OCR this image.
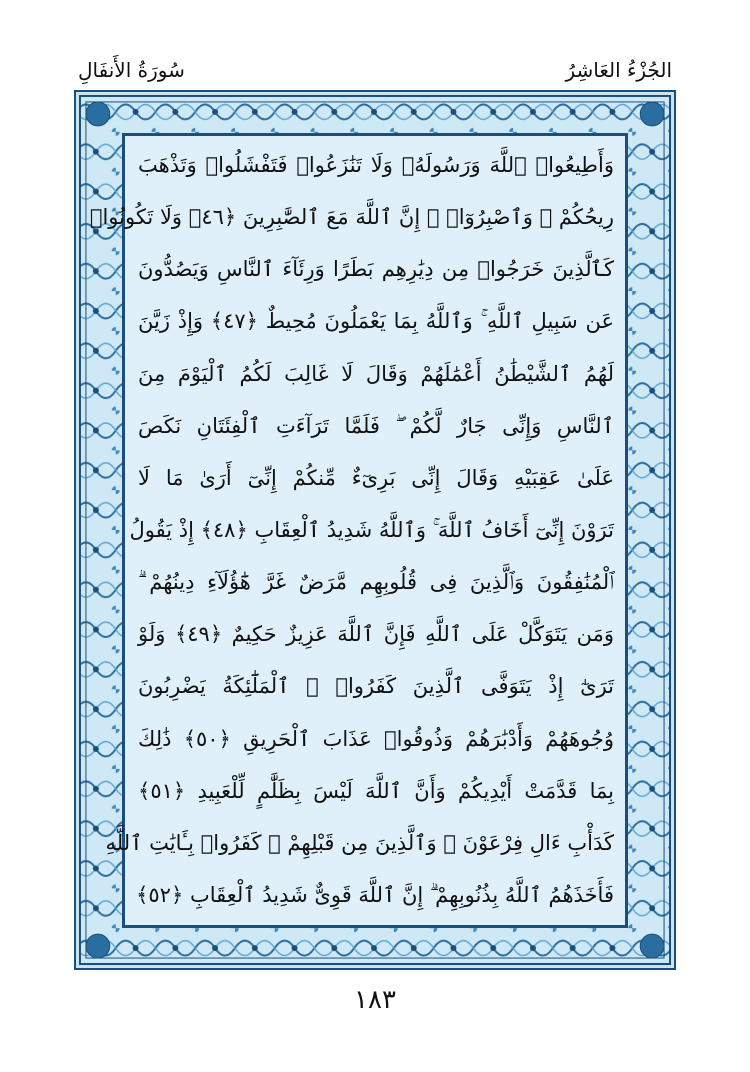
سُورَةُ الأَنفَالِ	الجُزْءُ العَاشِرُ
وَأَطِيعُوا۟ ٱللَّهَ وَرَسُولَهُۥ وَلَا تَنَٰزَعُوا۟ فَتَفْشَلُوا۟ وَتَذْهَبَ
رِيحُكُمْ ۖ وَٱصْبِرُوٓا۟ ۚ إِنَّ ٱللَّهَ مَعَ ٱلصَّٰبِرِينَ ﴿٤٦﴾ وَلَا تَكُونُوا۟
كَٱلَّذِينَ خَرَجُوا۟ مِن دِيَٰرِهِم بَطَرًا وَرِئَآءَ ٱلنَّاسِ وَيَصُدُّونَ
عَن سَبِيلِ ٱللَّهِ ۚ وَٱللَّهُ بِمَا يَعْمَلُونَ مُحِيطٌ ﴿٤٧﴾ وَإِذْ زَيَّنَ
لَهُمُ ٱلشَّيْطَٰنُ أَعْمَٰلَهُمْ وَقَالَ لَا غَالِبَ لَكُمُ ٱلْيَوْمَ مِنَ
ٱلنَّاسِ وَإِنِّى جَارٌ لَّكُمْ ۖ فَلَمَّا تَرَآءَتِ ٱلْفِئَتَانِ نَكَصَ
عَلَىٰ عَقِبَيْهِ وَقَالَ إِنِّى بَرِىٓءٌ مِّنكُمْ إِنِّىٓ أَرَىٰ مَا لَا
تَرَوْنَ إِنِّىٓ أَخَافُ ٱللَّهَ ۚ وَٱللَّهُ شَدِيدُ ٱلْعِقَابِ ﴿٤٨﴾ إِذْ يَقُولُ
ٱلْمُنَٰفِقُونَ وَٱلَّذِينَ فِى قُلُوبِهِم مَّرَضٌ غَرَّ هَٰٓؤُلَآءِ دِينُهُمْ ۗ
وَمَن يَتَوَكَّلْ عَلَى ٱللَّهِ فَإِنَّ ٱللَّهَ عَزِيزٌ حَكِيمٌ ﴿٤٩﴾ وَلَوْ
تَرَىٰٓ إِذْ يَتَوَفَّى ٱلَّذِينَ كَفَرُوا۟ ۙ ٱلْمَلَٰٓئِكَةُ يَضْرِبُونَ
وُجُوهَهُمْ وَأَدْبَٰرَهُمْ وَذُوقُوا۟ عَذَابَ ٱلْحَرِيقِ ﴿٥٠﴾ ذَٰلِكَ
بِمَا قَدَّمَتْ أَيْدِيكُمْ وَأَنَّ ٱللَّهَ لَيْسَ بِظَلَّٰمٍ لِّلْعَبِيدِ ﴿٥١﴾
كَدَأْبِ ءَالِ فِرْعَوْنَ ۙ وَٱلَّذِينَ مِن قَبْلِهِمْ ۚ كَفَرُوا۟ بِـَٔايَٰتِ ٱللَّهِ
فَأَخَذَهُمُ ٱللَّهُ بِذُنُوبِهِمْ ۗ إِنَّ ٱللَّهَ قَوِىٌّ شَدِيدُ ٱلْعِقَابِ ﴿٥٢﴾
١٨٣
